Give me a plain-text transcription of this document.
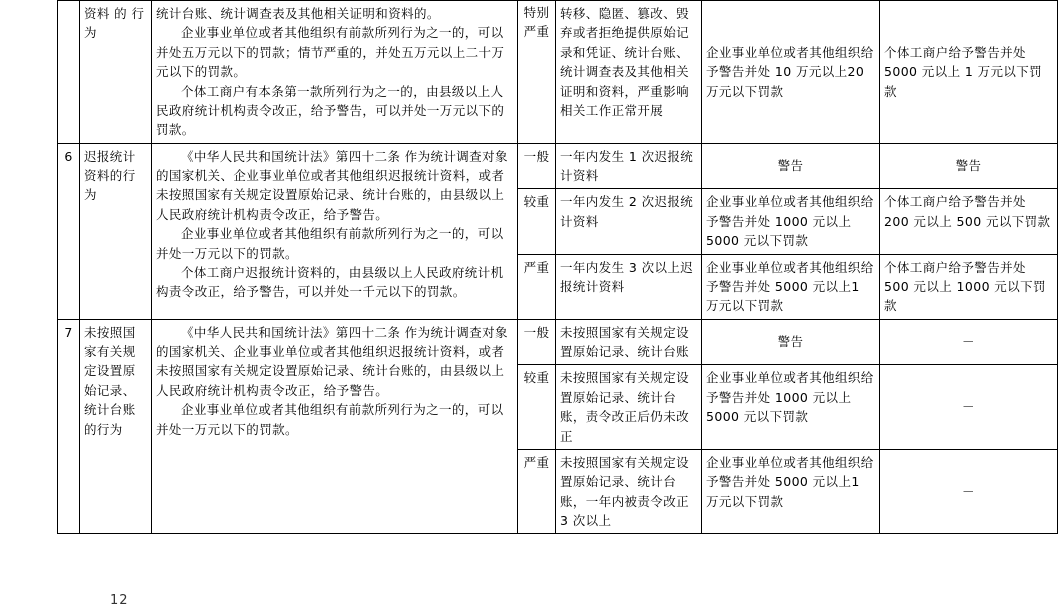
	资料 的 行 为	统计台账、统计调查表及其他相关证明和资料的。
企业事业单位或者其他组织有前款所列行为之一的，可以并处五万元以下的罚款；情节严重的，并处五万元以上二十万元以下的罚款。
个体工商户有本条第一款所列行为之一的，由县级以上人民政府统计机构责令改正，给予警告，可以并处一万元以下的罚款。	特别严重	转移、隐匿、篡改、毁弃或者拒绝提供原始记录和凭证、统计台账、统计调查表及其他相关证明和资料，严重影响相关工作正常开展	企业事业单位或者其他组织给予警告并处 10 万元以上20 万元以下罚款	个体工商户给予警告并处 5000 元以上 1 万元以下罚款

6	迟报统计资料的行为	《中华人民共和国统计法》第四十二条 作为统计调查对象的国家机关、企业事业单位或者其他组织迟报统计资料，或者未按照国家有关规定设置原始记录、统计台账的，由县级以上人民政府统计机构责令改正，给予警告。
企业事业单位或者其他组织有前款所列行为之一的，可以并处一万元以下的罚款。
个体工商户迟报统计资料的，由县级以上人民政府统计机构责令改正，给予警告，可以并处一千元以下的罚款。	一般	一年内发生 1 次迟报统计资料	警告	警告

			较重	一年内发生 2 次迟报统计资料	企业事业单位或者其他组织给予警告并处 1000 元以上5000 元以下罚款	个体工商户给予警告并处 200 元以上 500 元以下罚款

			严重	一年内发生 3 次以上迟报统计资料	企业事业单位或者其他组织给予警告并处 5000 元以上1 万元以下罚款	个体工商户给予警告并处 500 元以上 1000 元以下罚款

7	未按照国家有关规定设置原始记录、统计台账的行为	《中华人民共和国统计法》第四十二条 作为统计调查对象的国家机关、企业事业单位或者其他组织迟报统计资料，或者未按照国家有关规定设置原始记录、统计台账的，由县级以上人民政府统计机构责令改正，给予警告。
企业事业单位或者其他组织有前款所列行为之一的，可以并处一万元以下的罚款。	一般	未按照国家有关规定设置原始记录、统计台账	警告	－

			较重	未按照国家有关规定设置原始记录、统计台账，责令改正后仍未改正	企业事业单位或者其他组织给予警告并处 1000 元以上5000 元以下罚款	－

			严重	未按照国家有关规定设置原始记录、统计台账，一年内被责令改正 3 次以上	企业事业单位或者其他组织给予警告并处 5000 元以上1 万元以下罚款	－
12
